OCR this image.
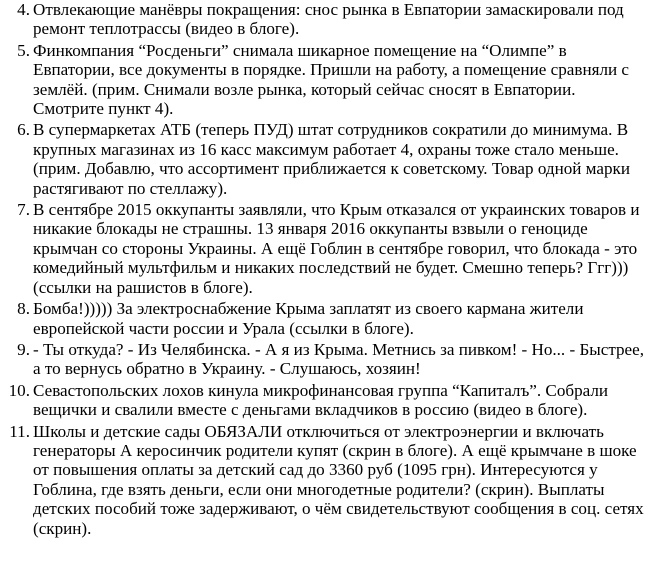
4. Отвлекающие манёвры покращения: снос рынка в Евпатории замаскировали под ремонт теплотрассы (видео в блоге).
5. Финкомпания “Росденьги” снимала шикарное помещение на “Олимпе” в Евпатории, все документы в порядке. Пришли на работу, а помещение сравняли с землёй. (прим. Снимали возле рынка, который сейчас сносят в Евпатории. Смотрите пункт 4).
6. В супермаркетах АТБ (теперь ПУД) штат сотрудников сократили до минимума. В крупных магазинах из 16 касс максимум работает 4, охраны тоже стало меньше. (прим. Добавлю, что ассортимент приближается к советскому. Товар одной марки растягивают по стеллажу).
7. В сентябре 2015 оккупанты заявляли, что Крым отказался от украинских товаров и никакие блокады не страшны. 13 января 2016 оккупанты взвыли о геноциде крымчан со стороны Украины. А ещё Гоблин в сентябре говорил, что блокада - это комедийный мультфильм и никаких последствий не будет. Смешно теперь? Ггг))) (ссылки на рашистов в блоге).
8. Бомба!))))) За электроснабжение Крыма заплатят из своего кармана жители европейской части россии и Урала (ссылки в блоге).
9. - Ты откуда? - Из Челябинска. - А я из Крыма. Метнись за пивком! - Но... - Быстрее, а то вернусь обратно в Украину. - Слушаюсь, хозяин!
10. Севастопольских лохов кинула микрофинансовая группа “Капиталъ”. Собрали вещички и свалили вместе с деньгами вкладчиков в россию (видео в блоге).
11. Школы и детские сады ОБЯЗАЛИ отключиться от электроэнергии и включать генераторы А керосинчик родители купят (скрин в блоге). А ещё крымчане в шоке от повышения оплаты за детский сад до 3360 руб (1095 грн). Интересуются у Гоблина, где взять деньги, если они многодетные родители? (скрин). Выплаты детских пособий тоже задерживают, о чём свидетельствуют сообщения в соц. сетях (скрин).
